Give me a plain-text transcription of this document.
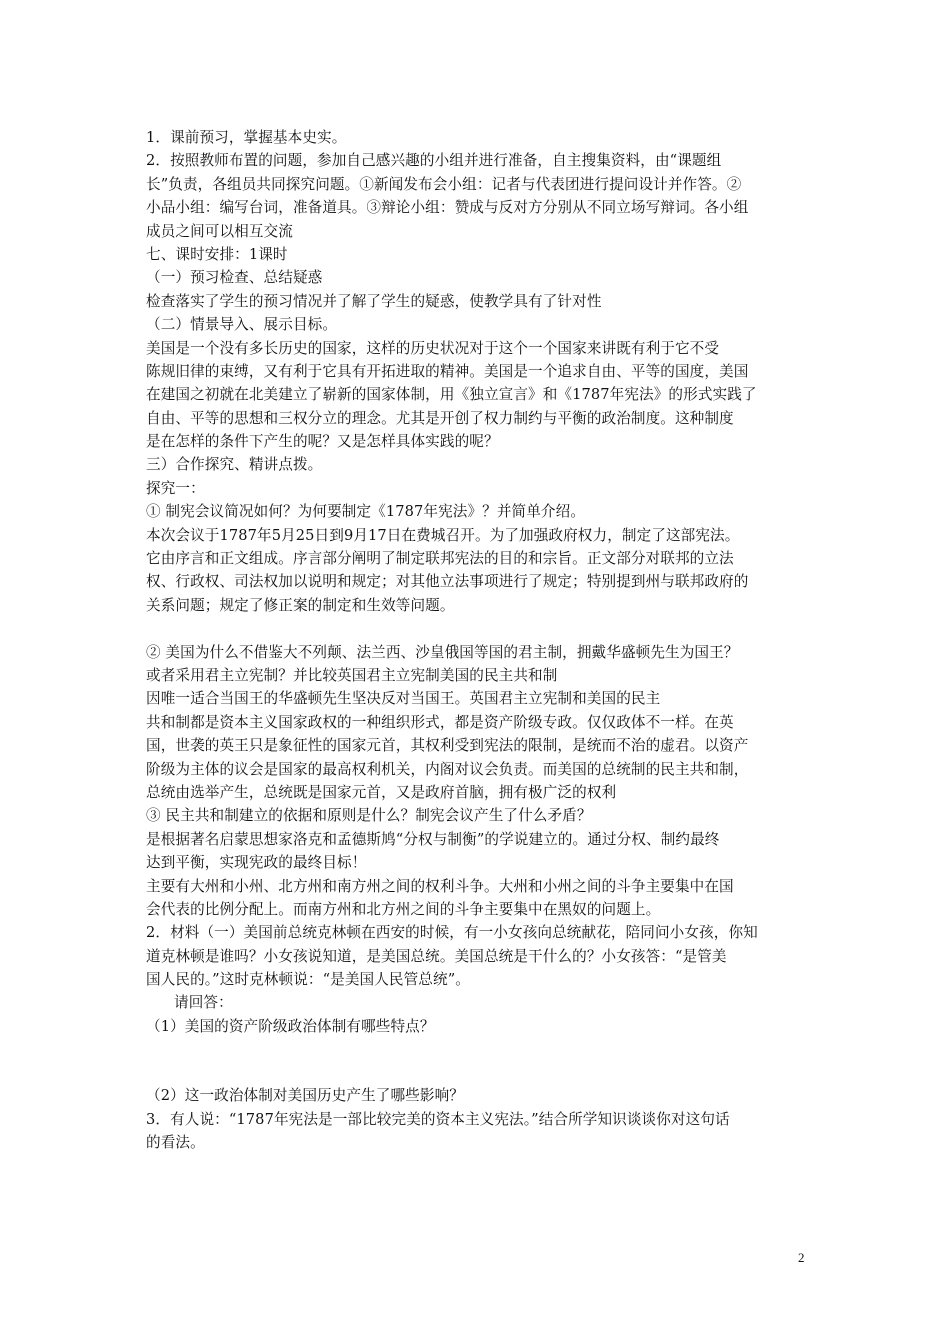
1．课前预习，掌握基本史实。
2．按照教师布置的问题，参加自己感兴趣的小组并进行准备，自主搜集资料，由“课题组
长”负责，各组员共同探究问题。①新闻发布会小组：记者与代表团进行提问设计并作答。②
小品小组：编写台词，准备道具。③辩论小组：赞成与反对方分别从不同立场写辩词。各小组
成员之间可以相互交流
七、课时安排：1课时
（一）预习检查、总结疑惑
检查落实了学生的预习情况并了解了学生的疑惑，使教学具有了针对性
（二）情景导入、展示目标。
美国是一个没有多长历史的国家，这样的历史状况对于这个一个国家来讲既有利于它不受
陈规旧律的束缚，又有利于它具有开拓进取的精神。美国是一个追求自由、平等的国度，美国
在建国之初就在北美建立了崭新的国家体制，用《独立宣言》和《1787年宪法》的形式实践了
自由、平等的思想和三权分立的理念。尤其是开创了权力制约与平衡的政治制度。这种制度
是在怎样的条件下产生的呢？又是怎样具体实践的呢？
三）合作探究、精讲点拨。
探究一：
① 制宪会议简况如何？为何要制定《1787年宪法》？并简单介绍。
本次会议于1787年5月25日到9月17日在费城召开。为了加强政府权力，制定了这部宪法。
它由序言和正文组成。序言部分阐明了制定联邦宪法的目的和宗旨。正文部分对联邦的立法
权、行政权、司法权加以说明和规定；对其他立法事项进行了规定；特别提到州与联邦政府的
关系问题；规定了修正案的制定和生效等问题。
② 美国为什么不借鉴大不列颠、法兰西、沙皇俄国等国的君主制，拥戴华盛顿先生为国王？
或者采用君主立宪制？并比较英国君主立宪制美国的民主共和制
因唯一适合当国王的华盛顿先生坚决反对当国王。英国君主立宪制和美国的民主
共和制都是资本主义国家政权的一种组织形式，都是资产阶级专政。仅仅政体不一样。在英
国，世袭的英王只是象征性的国家元首，其权利受到宪法的限制，是统而不治的虚君。以资产
阶级为主体的议会是国家的最高权利机关，内阁对议会负责。而美国的总统制的民主共和制，
总统由选举产生，总统既是国家元首，又是政府首脑，拥有极广泛的权利
③ 民主共和制建立的依据和原则是什么？制宪会议产生了什么矛盾？
是根据著名启蒙思想家洛克和孟德斯鸠“分权与制衡”的学说建立的。通过分权、制约最终
达到平衡，实现宪政的最终目标！
主要有大州和小州、北方州和南方州之间的权利斗争。大州和小州之间的斗争主要集中在国
会代表的比例分配上。而南方州和北方州之间的斗争主要集中在黑奴的问题上。
2．材料（一）美国前总统克林顿在西安的时候，有一小女孩向总统献花，陪同问小女孩，你知
道克林顿是谁吗？小女孩说知道，是美国总统。美国总统是干什么的？小女孩答：“是管美
国人民的。”这时克林顿说：“是美国人民管总统”。
请回答：
（1）美国的资产阶级政治体制有哪些特点？
（2）这一政治体制对美国历史产生了哪些影响？
3．有人说：“1787年宪法是一部比较完美的资本主义宪法。”结合所学知识谈谈你对这句话
的看法。
2
